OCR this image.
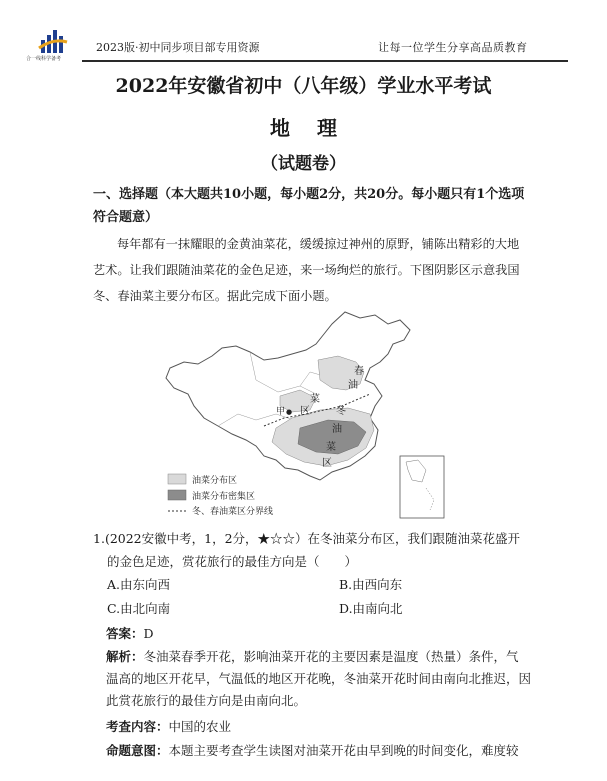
合一线科学备考
2023版·初中同步项目部专用资源	让每一位学生分享高品质教育
2022年安徽省初中（八年级）学业水平考试
地 理
（试题卷）
一、选择题（本大题共10小题，每小题2分，共20分。每小题只有1个选项符合题意）
每年都有一抹耀眼的金黄油菜花，缓缓掠过神州的原野，铺陈出精彩的大地艺术。让我们跟随油菜花的金色足迹，来一场绚烂的旅行。下图阴影区示意我国冬、春油菜主要分布区。据此完成下面小题。
春
油
菜
区	冬
油
菜
区
甲 ●
油菜分布区
油菜分布密集区
冬、春油菜区分界线
1.(2022安徽中考，1，2分，★☆☆）在冬油菜分布区，我们跟随油菜花盛开
的金色足迹，赏花旅行的最佳方向是（　　）
A.由东向西	B.由西向东
C.由北向南	D.由南向北
答案：D
解析：冬油菜春季开花，影响油菜开花的主要因素是温度（热量）条件，气温高的地区开花早，气温低的地区开花晚，冬油菜开花时间由南向北推迟，因此赏花旅行的最佳方向是由南向北。
考查内容：中国的农业
命题意图：本题主要考查学生读图对油菜开花由早到晚的时间变化，难度较
